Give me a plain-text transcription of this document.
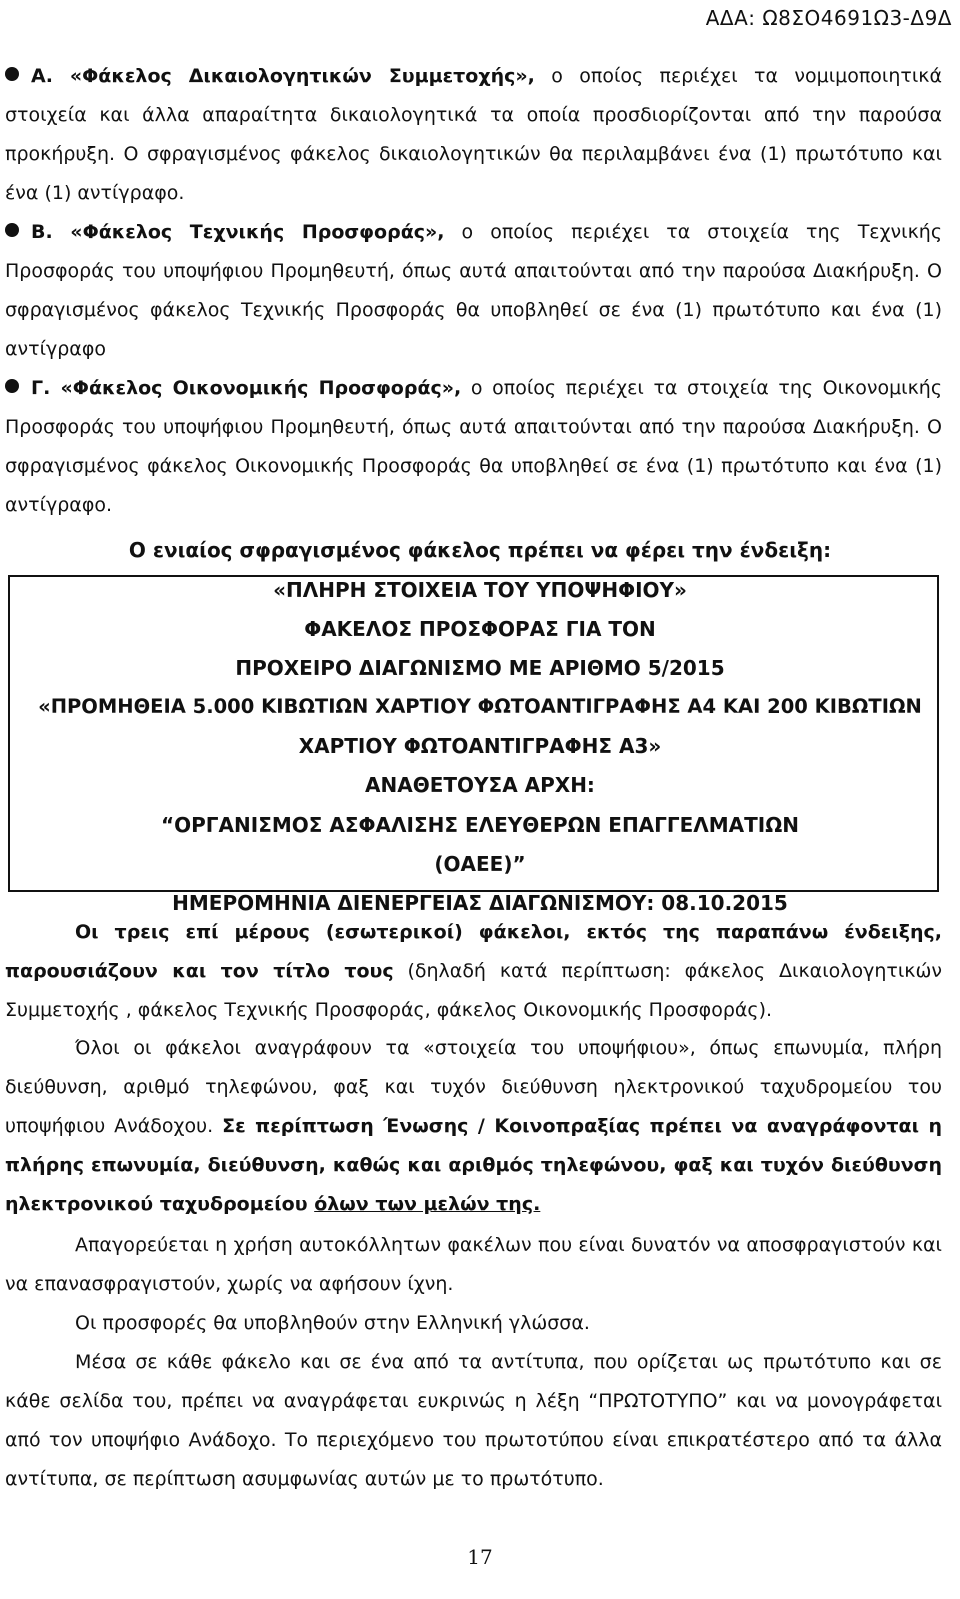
ΑΔΑ: Ω8ΣΟ4691Ω3-Δ9Δ

Α. «Φάκελος Δικαιολογητικών Συμμετοχής», ο οποίος περιέχει τα νομιμοποιητικά στοιχεία και άλλα απαραίτητα δικαιολογητικά τα οποία προσδιορίζονται από την παρούσα προκήρυξη. Ο σφραγισμένος φάκελος δικαιολογητικών θα περιλαμβάνει ένα (1) πρωτότυπο και ένα (1) αντίγραφο.

Β. «Φάκελος Τεχνικής Προσφοράς», ο οποίος περιέχει τα στοιχεία της Τεχνικής Προσφοράς του υποψήφιου Προμηθευτή, όπως αυτά απαιτούνται από την παρούσα Διακήρυξη. Ο σφραγισμένος φάκελος Τεχνικής Προσφοράς θα υποβληθεί σε ένα (1) πρωτότυπο και ένα (1) αντίγραφο

Γ. «Φάκελος Οικονομικής Προσφοράς», ο οποίος περιέχει τα στοιχεία της Οικονομικής Προσφοράς του υποψήφιου Προμηθευτή, όπως αυτά απαιτούνται από την παρούσα Διακήρυξη. Ο σφραγισμένος φάκελος Οικονομικής Προσφοράς θα υποβληθεί σε ένα (1) πρωτότυπο και ένα (1) αντίγραφο.

Ο ενιαίος σφραγισμένος φάκελος πρέπει να φέρει την ένδειξη:
«ΠΛΗΡΗ ΣΤΟΙΧΕΙΑ ΤΟΥ ΥΠΟΨΗΦΙΟΥ»
ΦΑΚΕΛΟΣ ΠΡΟΣΦΟΡΑΣ ΓΙΑ ΤΟΝ
ΠΡΟΧΕΙΡΟ ΔΙΑΓΩΝΙΣΜΟ ΜΕ ΑΡΙΘΜΟ 5/2015
«ΠΡΟΜΗΘΕΙΑ 5.000 ΚΙΒΩΤΙΩΝ ΧΑΡΤΙΟΥ ΦΩΤΟΑΝΤΙΓΡΑΦΗΣ Α4 ΚΑΙ 200 ΚΙΒΩΤΙΩΝ
ΧΑΡΤΙΟΥ ΦΩΤΟΑΝΤΙΓΡΑΦΗΣ Α3»
ΑΝΑΘΕΤΟΥΣΑ ΑΡΧΗ:
“ΟΡΓΑΝΙΣΜΟΣ ΑΣΦΑΛΙΣΗΣ ΕΛΕΥΘΕΡΩΝ ΕΠΑΓΓΕΛΜΑΤΙΩΝ
(ΟΑΕΕ)”
ΗΜΕΡΟΜΗΝΙΑ ΔΙΕΝΕΡΓΕΙΑΣ ΔΙΑΓΩΝΙΣΜΟΥ: 08.10.2015

Οι τρεις επί μέρους (εσωτερικοί) φάκελοι, εκτός της παραπάνω ένδειξης, παρουσιάζουν και τον τίτλο τους (δηλαδή κατά περίπτωση: φάκελος Δικαιολογητικών Συμμετοχής , φάκελος Τεχνικής Προσφοράς, φάκελος Οικονομικής Προσφοράς).

Όλοι οι φάκελοι αναγράφουν τα «στοιχεία του υποψήφιου», όπως επωνυμία, πλήρη διεύθυνση, αριθμό τηλεφώνου, φαξ και τυχόν διεύθυνση ηλεκτρονικού ταχυδρομείου του υποψήφιου Ανάδοχου. Σε περίπτωση Ένωσης / Κοινοπραξίας πρέπει να αναγράφονται η πλήρης επωνυμία, διεύθυνση, καθώς και αριθμός τηλεφώνου, φαξ και τυχόν διεύθυνση ηλεκτρονικού ταχυδρομείου όλων των μελών της.

Απαγορεύεται η χρήση αυτοκόλλητων φακέλων που είναι δυνατόν να αποσφραγιστούν και να επανασφραγιστούν, χωρίς να αφήσουν ίχνη.

Οι προσφορές θα υποβληθούν στην Ελληνική γλώσσα.

Μέσα σε κάθε φάκελο και σε ένα από τα αντίτυπα, που ορίζεται ως πρωτότυπο και σε κάθε σελίδα του, πρέπει να αναγράφεται ευκρινώς η λέξη “ΠΡΩΤΟΤΥΠΟ” και να μονογράφεται από τον υποψήφιο Ανάδοχο. Το περιεχόμενο του πρωτοτύπου είναι επικρατέστερο από τα άλλα αντίτυπα, σε περίπτωση ασυμφωνίας αυτών με το πρωτότυπο.

17
